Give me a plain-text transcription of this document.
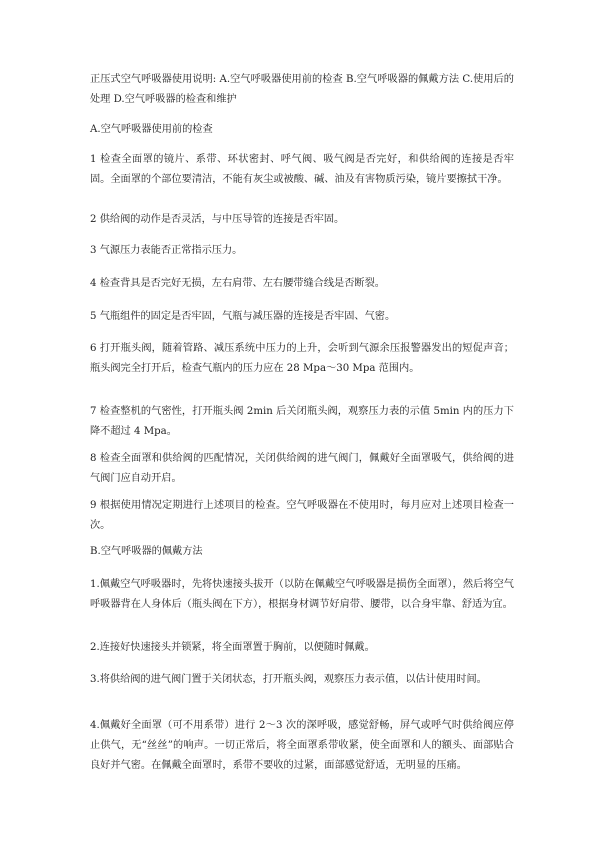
正压式空气呼吸器使用说明: A.空气呼吸器使用前的检查 B.空气呼吸器的佩戴方法 C.使用后的处理 D.空气呼吸器的检查和维护

A.空气呼吸器使用前的检查

1 检查全面罩的镜片、系带、环状密封、呼气阀、吸气阀是否完好，和供给阀的连接是否牢固。全面罩的个部位要清洁，不能有灰尘或被酸、碱、油及有害物质污染，镜片要擦拭干净。

2 供给阀的动作是否灵活，与中压导管的连接是否牢固。

3 气源压力表能否正常指示压力。

4 检查背具是否完好无损，左右肩带、左右腰带缝合线是否断裂。

5 气瓶组件的固定是否牢固，气瓶与减压器的连接是否牢固、气密。

6 打开瓶头阀，随着管路、减压系统中压力的上升，会听到气源余压报警器发出的短促声音；瓶头阀完全打开后，检查气瓶内的压力应在 28 Mpa～30 Mpa 范围内。

7 检查整机的气密性，打开瓶头阀 2min 后关闭瓶头阀，观察压力表的示值 5min 内的压力下降不超过 4 Mpa。

8 检查全面罩和供给阀的匹配情况，关闭供给阀的进气阀门，佩戴好全面罩吸气，供给阀的进气阀门应自动开启。

9 根据使用情况定期进行上述项目的检查。空气呼吸器在不使用时，每月应对上述项目检查一次。

B.空气呼吸器的佩戴方法

1.佩戴空气呼吸器时，先将快速接头拔开（以防在佩戴空气呼吸器是损伤全面罩），然后将空气呼吸器背在人身体后（瓶头阀在下方），根据身材调节好肩带、腰带，以合身牢靠、舒适为宜。

2.连接好快速接头并锁紧，将全面罩置于胸前，以便随时佩戴。

3.将供给阀的进气阀门置于关闭状态，打开瓶头阀，观察压力表示值，以估计使用时间。

4.佩戴好全面罩（可不用系带）进行 2～3 次的深呼吸，感觉舒畅，屏气或呼气时供给阀应停止供气，无“丝丝”的响声。一切正常后，将全面罩系带收紧，使全面罩和人的额头、面部贴合良好并气密。在佩戴全面罩时，系带不要收的过紧，面部感觉舒适，无明显的压痛。
